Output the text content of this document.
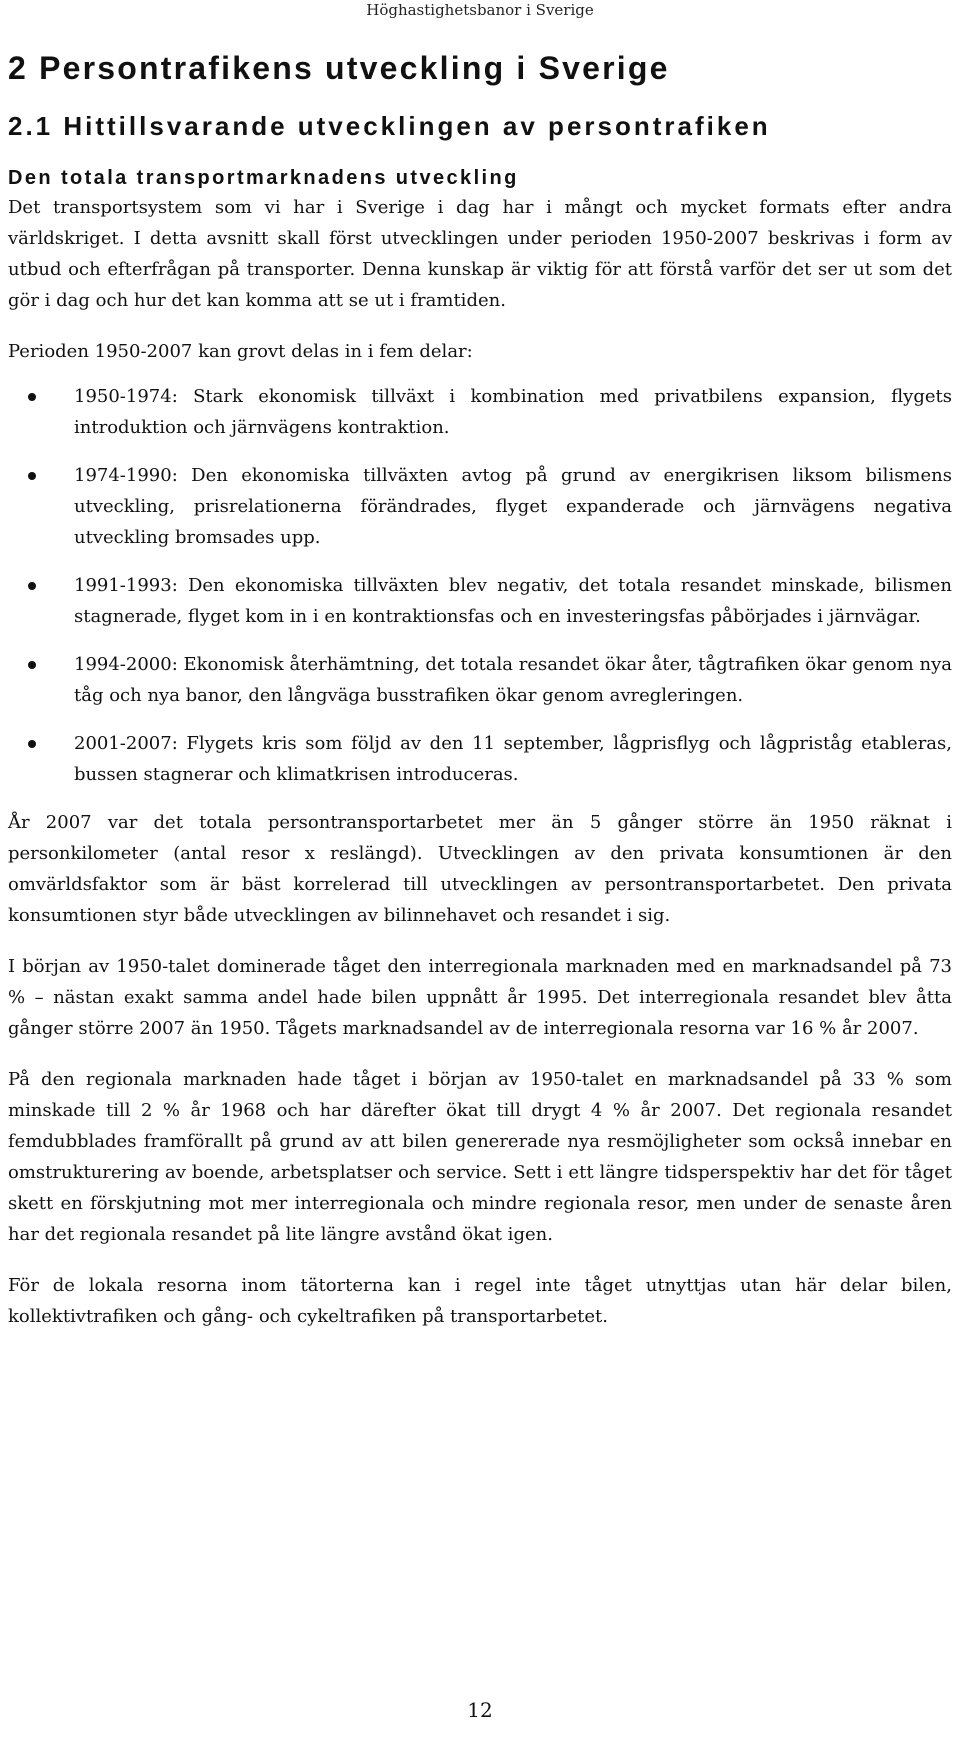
Höghastighetsbanor i Sverige
2 Persontrafikens utveckling i Sverige
2.1 Hittillsvarande utvecklingen av persontrafiken
Den totala transportmarknadens utveckling

Det transportsystem som vi har i Sverige i dag har i mångt och mycket formats efter andra världskriget. I detta avsnitt skall först utvecklingen under perioden 1950-2007 beskrivas i form av utbud och efterfrågan på transporter. Denna kunskap är viktig för att förstå varför det ser ut som det gör i dag och hur det kan komma att se ut i framtiden.

Perioden 1950-2007 kan grovt delas in i fem delar:

1950-1974: Stark ekonomisk tillväxt i kombination med privatbilens expansion, flygets introduktion och järnvägens kontraktion.
1974-1990: Den ekonomiska tillväxten avtog på grund av energikrisen liksom bilismens utveckling, prisrelationerna förändrades, flyget expanderade och järnvägens negativa utveckling bromsades upp.
1991-1993: Den ekonomiska tillväxten blev negativ, det totala resandet minskade, bilismen stagnerade, flyget kom in i en kontraktionsfas och en investeringsfas påbörjades i järnvägar.
1994-2000: Ekonomisk återhämtning, det totala resandet ökar åter, tågtrafiken ökar genom nya tåg och nya banor, den långväga busstrafiken ökar genom avregleringen.
2001-2007: Flygets kris som följd av den 11 september, lågprisflyg och lågpriståg etableras, bussen stagnerar och klimatkrisen introduceras.

År 2007 var det totala persontransportarbetet mer än 5 gånger större än 1950 räknat i personkilometer (antal resor x reslängd). Utvecklingen av den privata konsumtionen är den omvärldsfaktor som är bäst korrelerad till utvecklingen av persontransportarbetet. Den privata konsumtionen styr både utvecklingen av bilinnehavet och resandet i sig.

I början av 1950-talet dominerade tåget den interregionala marknaden med en marknadsandel på 73 % – nästan exakt samma andel hade bilen uppnått år 1995. Det interregionala resandet blev åtta gånger större 2007 än 1950. Tågets marknadsandel av de interregionala resorna var 16 % år 2007.

På den regionala marknaden hade tåget i början av 1950-talet en marknadsandel på 33 % som minskade till 2 % år 1968 och har därefter ökat till drygt 4 % år 2007. Det regionala resandet femdubblades framförallt på grund av att bilen genererade nya resmöjligheter som också innebar en omstrukturering av boende, arbetsplatser och service. Sett i ett längre tidsperspektiv har det för tåget skett en förskjutning mot mer interregionala och mindre regionala resor, men under de senaste åren har det regionala resandet på lite längre avstånd ökat igen.

För de lokala resorna inom tätorterna kan i regel inte tåget utnyttjas utan här delar bilen, kollektivtrafiken och gång- och cykeltrafiken på transportarbetet.

12
